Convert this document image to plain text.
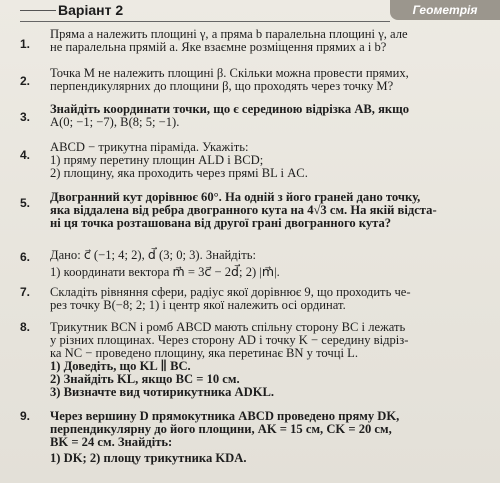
Варіант 2	Геометрія
1.
Пряма a належить площині γ, а пряма b паралельна площині γ, але
не паралельна прямій a. Яке взаємне розміщення прямих a і b?
2.
Точка M не належить площині β. Скільки можна провести прямих,
перпендикулярних до площини β, що проходять через точку M?
3.
Знайдіть координати точки, що є серединою відрізка AB, якщо
A(0; −1; −7), B(8; 5; −1).
4.
ABCD − трикутна піраміда. Укажіть:
1) пряму перетину площин ALD і BCD;
2) площину, яка проходить через прямі BL і AC.
5.	Двогранний кут дорівнює 60°. На одній з його граней дано точку,
яка віддалена від ребра двогранного кута на 4√3 см. На якій відста-
ні ця точка розташована від другої грані двогранного кута?
6.	Дано: c⃗ (−1; 4; 2), d⃗ (3; 0; 3). Знайдіть:
1) координати вектора m⃗ = 3c⃗ − 2d⃗; 2) |m⃗|.
7.	Складіть рівняння сфери, радіус якої дорівнює 9, що проходить че-
рез точку B(−8; 2; 1) і центр якої належить осі ординат.
8.	Трикутник BCN і ромб ABCD мають спільну сторону BC і лежать
у різних площинах. Через сторону AD і точку K − середину відріз-
ка NC − проведено площину, яка перетинає BN у точці L.
1) Доведіть, що KL ∥ BC.
2) Знайдіть KL, якщо BC = 10 см.
3) Визначте вид чотирикутника ADKL.
9.	Через вершину D прямокутника ABCD проведено пряму DK,
перпендикулярну до його площини, AK = 15 см, CK = 20 см,
BK = 24 см. Знайдіть:
1) DK; 2) площу трикутника KDA.
